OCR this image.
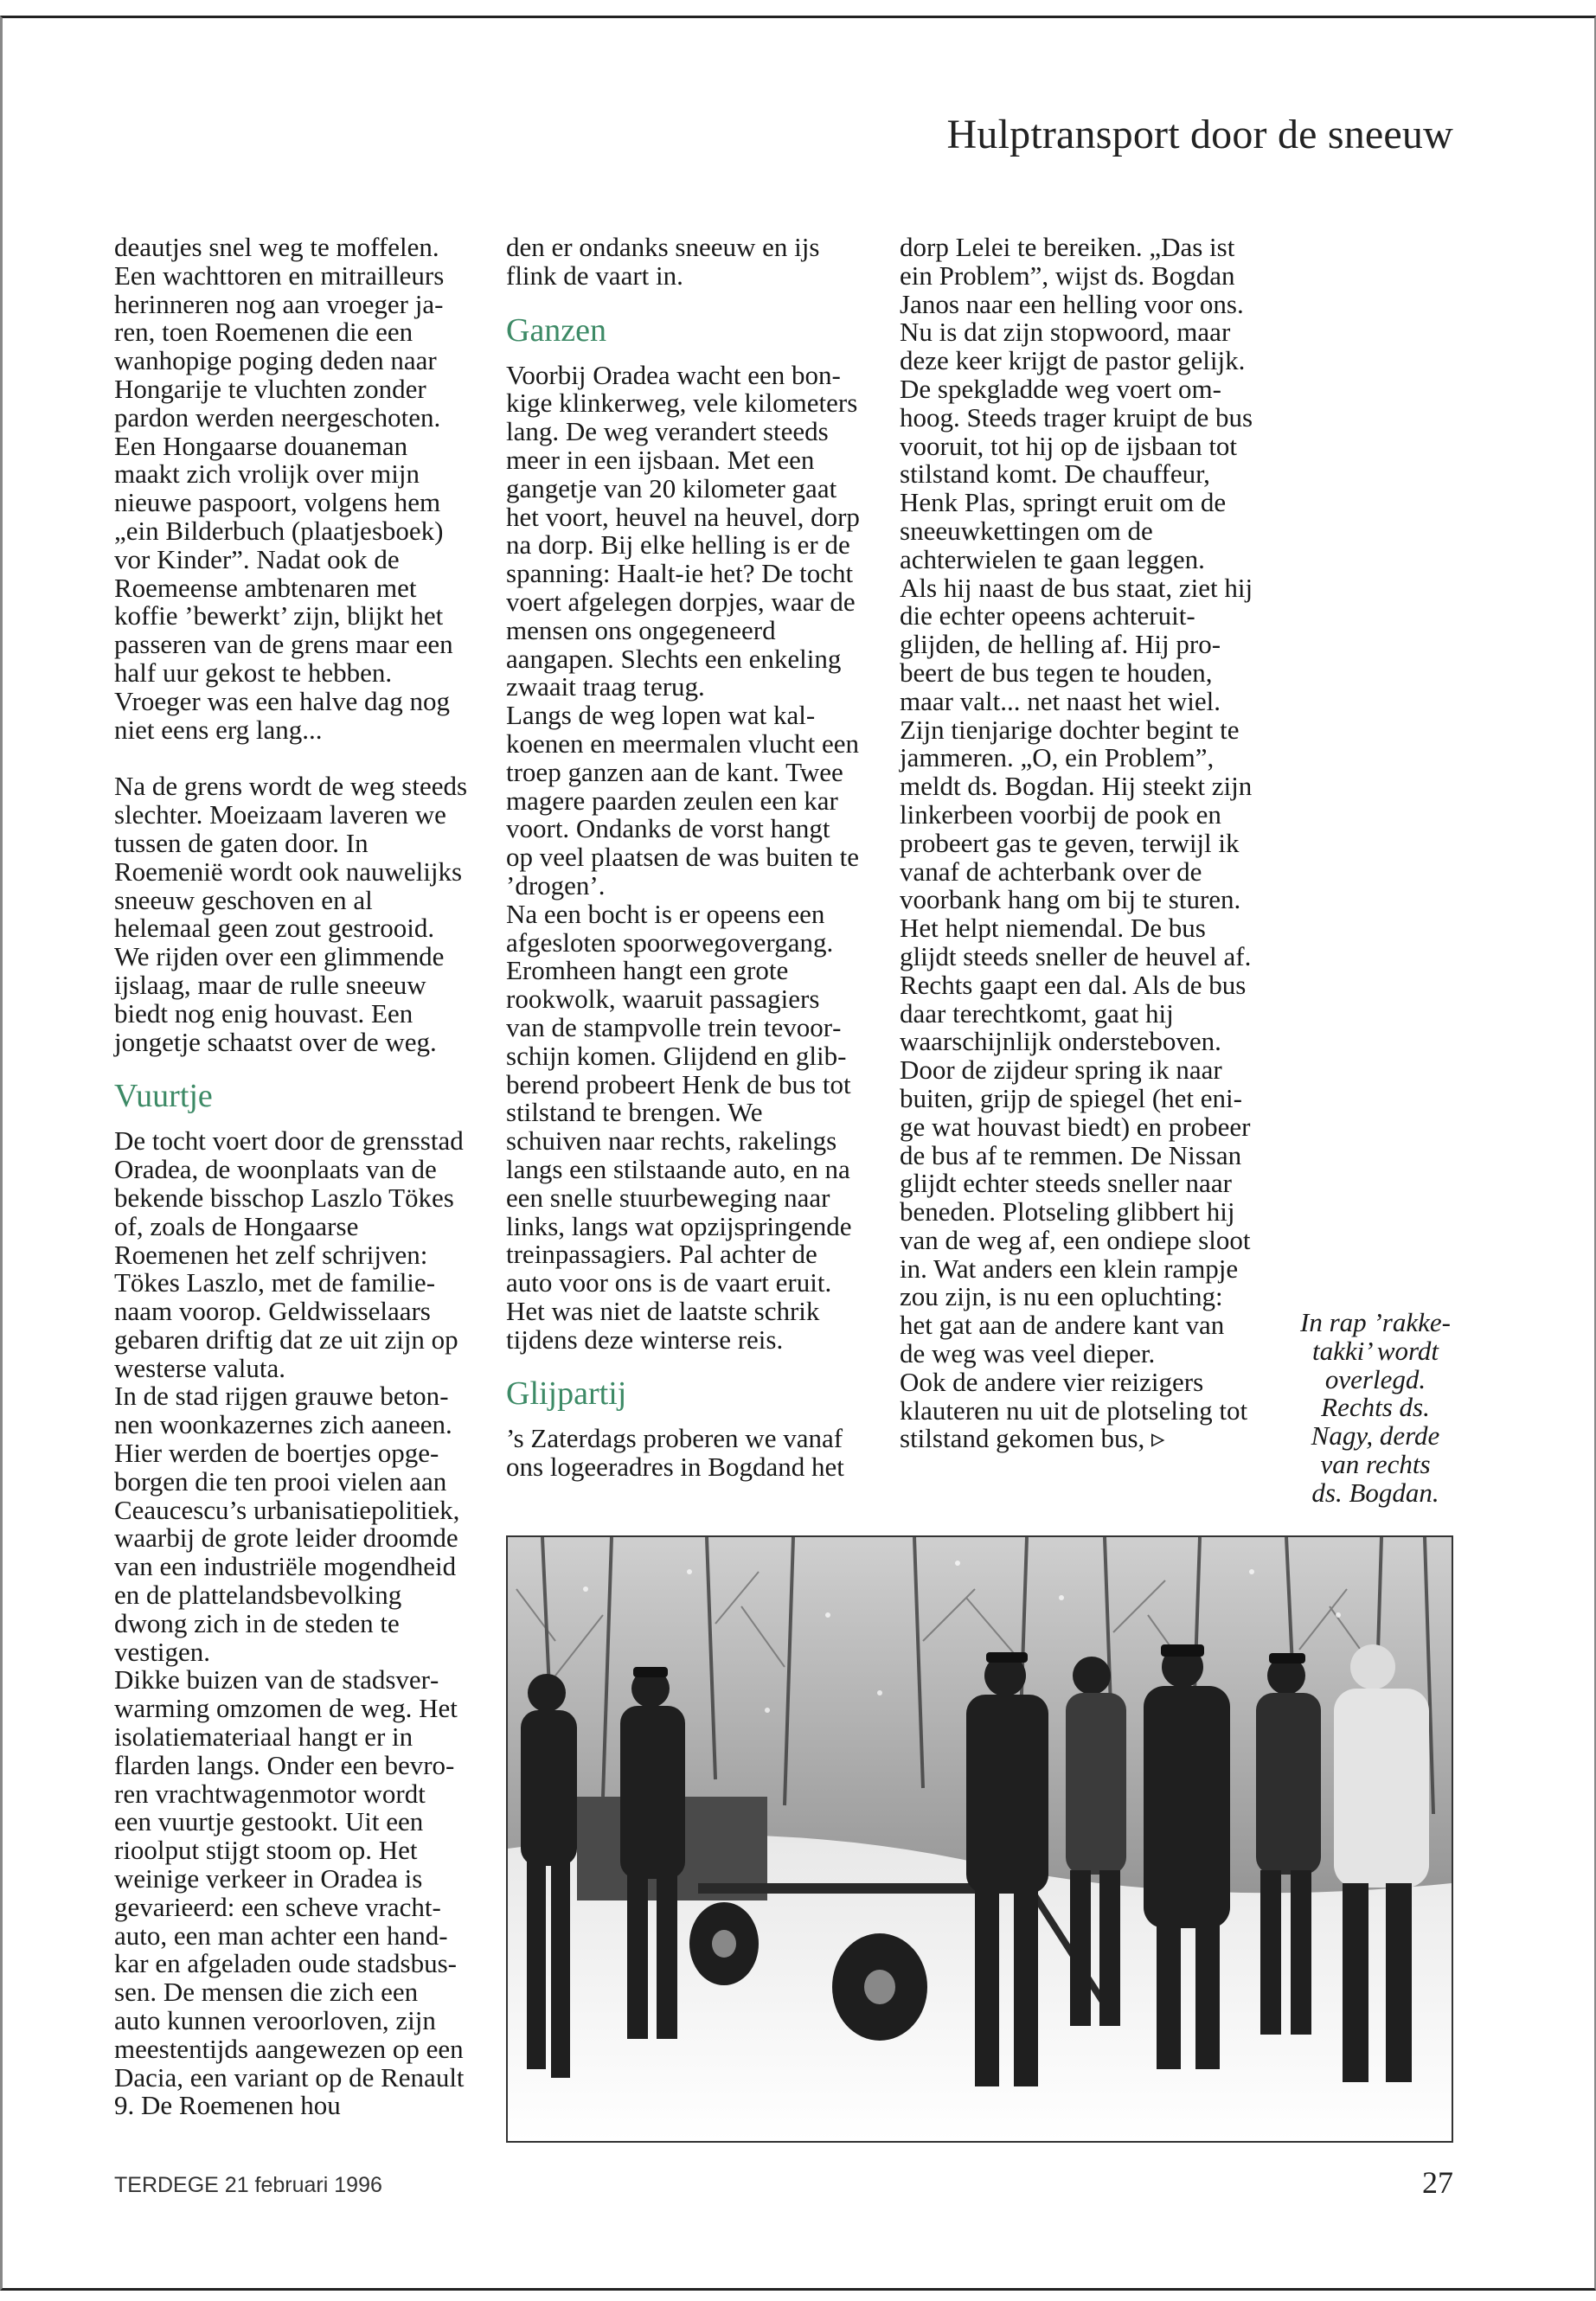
Hulptransport door de sneeuw

deautjes snel weg te moffelen. Een wachttoren en mitrailleurs herinneren nog aan vroeger jaren, toen Roemenen die een wanhopige poging deden naar Hongarije te vluchten zonder pardon werden neergeschoten. Een Hongaarse douaneman maakt zich vrolijk over mijn nieuwe paspoort, volgens hem „ein Bilderbuch (plaatjesboek) vor Kinder”. Nadat ook de Roemeense ambtenaren met koffie ’bewerkt’ zijn, blijkt het passeren van de grens maar een half uur gekost te hebben. Vroeger was een halve dag nog niet eens erg lang...

Na de grens wordt de weg steeds slechter. Moeizaam laveren we tussen de gaten door. In Roemenië wordt ook nauwelijks sneeuw geschoven en al helemaal geen zout gestrooid. We rijden over een glimmende ijslaag, maar de rulle sneeuw biedt nog enig houvast. Een jongetje schaatst over de weg.

Vuurtje

De tocht voert door de grensstad Oradea, de woonplaats van de bekende bisschop Laszlo Tökes of, zoals de Hongaarse Roemenen het zelf schrijven: Tökes Laszlo, met de familienaam voorop. Geldwisselaars gebaren driftig dat ze uit zijn op westerse valuta.

In de stad rijgen grauwe betonnen woonkazernes zich aaneen. Hier werden de boertjes opgeborgen die ten prooi vielen aan Ceaucescu’s urbanisatiepolitiek, waarbij de grote leider droomde van een industriële mogendheid en de plattelandsbevolking dwong zich in de steden te vestigen.

Dikke buizen van de stadsverwarming omzomen de weg. Het isolatiemateriaal hangt er in flarden langs. Onder een bevroren vrachtwagenmotor wordt een vuurtje gestookt. Uit een rioolput stijgt stoom op. Het weinige verkeer in Oradea is gevarieerd: een scheve vrachtauto, een man achter een handkar en afgeladen oude stadsbussen. De mensen die zich een auto kunnen veroorloven, zijn meestentijds aangewezen op een Dacia, een variant op de Renault 9. De Roemenen hou

den er ondanks sneeuw en ijs flink de vaart in.

Ganzen

Voorbij Oradea wacht een bonkige klinkerweg, vele kilometers lang. De weg verandert steeds meer in een ijsbaan. Met een gangetje van 20 kilometer gaat het voort, heuvel na heuvel, dorp na dorp. Bij elke helling is er de spanning: Haalt-ie het? De tocht voert afgelegen dorpjes, waar de mensen ons ongegeneerd aangapen. Slechts een enkeling zwaait traag terug.

Langs de weg lopen wat kalkoenen en meermalen vlucht een troep ganzen aan de kant. Twee magere paarden zeulen een kar voort. Ondanks de vorst hangt op veel plaatsen de was buiten te ’drogen’.

Na een bocht is er opeens een afgesloten spoorwegovergang. Eromheen hangt een grote rookwolk, waaruit passagiers van de stampvolle trein tevoorschijn komen. Glijdend en glibberend probeert Henk de bus tot stilstand te brengen. We schuiven naar rechts, rakelings langs een stilstaande auto, en na een snelle stuurbeweging naar links, langs wat opzijspringende treinpassagiers. Pal achter de auto voor ons is de vaart eruit. Het was niet de laatste schrik tijdens deze winterse reis.

Glijpartij

’s Zaterdags proberen we vanaf ons logeeradres in Bogdand het

dorp Lelei te bereiken. „Das ist ein Problem”, wijst ds. Bogdan Janos naar een helling voor ons. Nu is dat zijn stopwoord, maar deze keer krijgt de pastor gelijk. De spekgladde weg voert omhoog. Steeds trager kruipt de bus vooruit, tot hij op de ijsbaan tot stilstand komt. De chauffeur, Henk Plas, springt eruit om de sneeuwkettingen om de achterwielen te gaan leggen.

Als hij naast de bus staat, ziet hij die echter opeens achteruitglijden, de helling af. Hij probeert de bus tegen te houden, maar valt... net naast het wiel. Zijn tienjarige dochter begint te jammeren. „O, ein Problem”, meldt ds. Bogdan. Hij steekt zijn linkerbeen voorbij de pook en probeert gas te geven, terwijl ik vanaf de achterbank over de voorbank hang om bij te sturen. Het helpt niemendal. De bus glijdt steeds sneller de heuvel af. Rechts gaapt een dal. Als de bus daar terechtkomt, gaat hij waarschijnlijk ondersteboven.

Door de zijdeur spring ik naar buiten, grijp de spiegel (het enige wat houvast biedt) en probeer de bus af te remmen. De Nissan glijdt echter steeds sneller naar beneden. Plotseling glibbert hij van de weg af, een ondiepe sloot in. Wat anders een klein rampje zou zijn, is nu een opluchting: het gat aan de andere kant van de weg was veel dieper.

Ook de andere vier reizigers klauteren nu uit de plotseling tot stilstand gekomen bus, ▹

In rap ’rakke-
takki’ wordt
overlegd.
Rechts ds.
Nagy, derde
van rechts
ds. Bogdan.
TERDEGE 21 februari 1996	27
